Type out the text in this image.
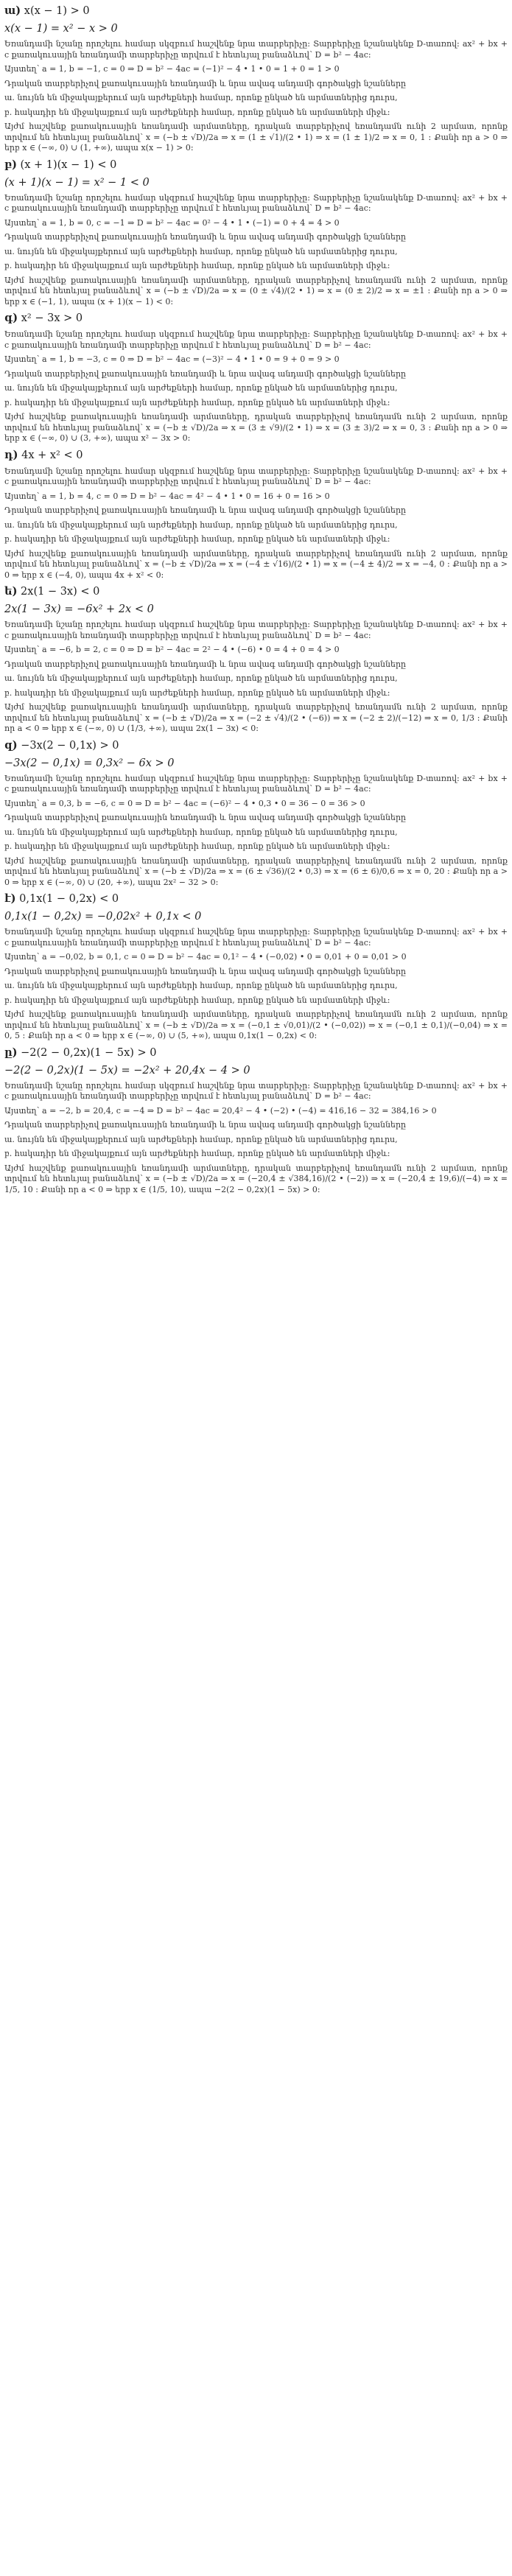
ա) x(x − 1) > 0
x(x − 1) = x² − x > 0
Եռանդամի նշանը որոշելու համար սկզբում հաշվենք նրա տարբերիչը։ Տարբերիչը նշանակենք D-տառով։ ax² + bx + c քառակուսային եռանդամի տարբերիչը տրվում է հետևյալ բանաձևով՝ D = b² − 4ac։
Այստեղ՝ a = 1, b = −1, c = 0 ⇒ D = b² − 4ac = (−1)² − 4 • 1 • 0 = 1 + 0 = 1 > 0
Դրական տարբերիչով քառակուսային եռանդամի և նրա ավագ անդամի գործակցի նշանները
ա. նույնն են միջակայքերում այն արժեքների համար, որոնք ընկած են արմատներից դուրս,
բ. հակադիր են միջակայքում այն արժեքների համար, որոնք ընկած են արմատների միջև։
Այժմ հաշվենք քառակուսային եռանդամի արմատները, դրական տարբերիչով եռանդամն ունի 2 արմատ, որոնք տրվում են հետևյալ բանաձևով՝ x = (−b ± √D)/2a ⇒ x = (1 ± √1)/(2 • 1) ⇒ x = (1 ± 1)/2 ⇒ x = 0, 1 ։ Քանի որ a > 0 ⇒ երբ x ∈ (−∞, 0) ∪ (1, +∞), ապա x(x − 1) > 0։
բ) (x + 1)(x − 1) < 0
(x + 1)(x − 1) = x² − 1 < 0
Եռանդամի նշանը որոշելու համար սկզբում հաշվենք նրա տարբերիչը։ Տարբերիչը նշանակենք D-տառով։ ax² + bx + c քառակուսային եռանդամի տարբերիչը տրվում է հետևյալ բանաձևով՝ D = b² − 4ac։
Այստեղ՝ a = 1, b = 0, c = −1 ⇒ D = b² − 4ac = 0² − 4 • 1 • (−1) = 0 + 4 = 4 > 0
Դրական տարբերիչով քառակուսային եռանդամի և նրա ավագ անդամի գործակցի նշանները
ա. նույնն են միջակայքերում այն արժեքների համար, որոնք ընկած են արմատներից դուրս,
բ. հակադիր են միջակայքում այն արժեքների համար, որոնք ընկած են արմատների միջև։
Այժմ հաշվենք քառակուսային եռանդամի արմատները, դրական տարբերիչով եռանդամն ունի 2 արմատ, որոնք տրվում են հետևյալ բանաձևով՝ x = (−b ± √D)/2a ⇒ x = (0 ± √4)/(2 • 1) ⇒ x = (0 ± 2)/2 ⇒ x = ±1 ։ Քանի որ a > 0 ⇒ երբ x ∈ (−1, 1), ապա (x + 1)(x − 1) < 0։
գ) x² − 3x > 0
Եռանդամի նշանը որոշելու համար սկզբում հաշվենք նրա տարբերիչը։ Տարբերիչը նշանակենք D-տառով։ ax² + bx + c քառակուսային եռանդամի տարբերիչը տրվում է հետևյալ բանաձևով՝ D = b² − 4ac։
Այստեղ՝ a = 1, b = −3, c = 0 ⇒ D = b² − 4ac = (−3)² − 4 • 1 • 0 = 9 + 0 = 9 > 0
Դրական տարբերիչով քառակուսային եռանդամի և նրա ավագ անդամի գործակցի նշանները
ա. նույնն են միջակայքերում այն արժեքների համար, որոնք ընկած են արմատներից դուրս,
բ. հակադիր են միջակայքում այն արժեքների համար, որոնք ընկած են արմատների միջև։
Այժմ հաշվենք քառակուսային եռանդամի արմատները, դրական տարբերիչով եռանդամն ունի 2 արմատ, որոնք տրվում են հետևյալ բանաձևով՝ x = (−b ± √D)/2a ⇒ x = (3 ± √9)/(2 • 1) ⇒ x = (3 ± 3)/2 ⇒ x = 0, 3 ։ Քանի որ a > 0 ⇒ երբ x ∈ (−∞, 0) ∪ (3, +∞), ապա x² − 3x > 0։
դ) 4x + x² < 0
Եռանդամի նշանը որոշելու համար սկզբում հաշվենք նրա տարբերիչը։ Տարբերիչը նշանակենք D-տառով։ ax² + bx + c քառակուսային եռանդամի տարբերիչը տրվում է հետևյալ բանաձևով՝ D = b² − 4ac։
Այստեղ՝ a = 1, b = 4, c = 0 ⇒ D = b² − 4ac = 4² − 4 • 1 • 0 = 16 + 0 = 16 > 0
Դրական տարբերիչով քառակուսային եռանդամի և նրա ավագ անդամի գործակցի նշանները
ա. նույնն են միջակայքերում այն արժեքների համար, որոնք ընկած են արմատներից դուրս,
բ. հակադիր են միջակայքում այն արժեքների համար, որոնք ընկած են արմատների միջև։
Այժմ հաշվենք քառակուսային եռանդամի արմատները, դրական տարբերիչով եռանդամն ունի 2 արմատ, որոնք տրվում են հետևյալ բանաձևով՝ x = (−b ± √D)/2a ⇒ x = (−4 ± √16)/(2 • 1) ⇒ x = (−4 ± 4)/2 ⇒ x = −4, 0 ։ Քանի որ a > 0 ⇒ երբ x ∈ (−4, 0), ապա 4x + x² < 0։
ե) 2x(1 − 3x) < 0
2x(1 − 3x) = −6x² + 2x < 0
Եռանդամի նշանը որոշելու համար սկզբում հաշվենք նրա տարբերիչը։ Տարբերիչը նշանակենք D-տառով։ ax² + bx + c քառակուսային եռանդամի տարբերիչը տրվում է հետևյալ բանաձևով՝ D = b² − 4ac։
Այստեղ՝ a = −6, b = 2, c = 0 ⇒ D = b² − 4ac = 2² − 4 • (−6) • 0 = 4 + 0 = 4 > 0
Դրական տարբերիչով քառակուսային եռանդամի և նրա ավագ անդամի գործակցի նշանները
ա. նույնն են միջակայքերում այն արժեքների համար, որոնք ընկած են արմատներից դուրս,
բ. հակադիր են միջակայքում այն արժեքների համար, որոնք ընկած են արմատների միջև։
Այժմ հաշվենք քառակուսային եռանդամի արմատները, դրական տարբերիչով եռանդամն ունի 2 արմատ, որոնք տրվում են հետևյալ բանաձևով՝ x = (−b ± √D)/2a ⇒ x = (−2 ± √4)/(2 • (−6)) ⇒ x = (−2 ± 2)/(−12) ⇒ x = 0, 1/3 ։ Քանի որ a < 0 ⇒ երբ x ∈ (−∞, 0) ∪ (1/3, +∞), ապա 2x(1 − 3x) < 0։
զ) −3x(2 − 0,1x) > 0
−3x(2 − 0,1x) = 0,3x² − 6x > 0
Եռանդամի նշանը որոշելու համար սկզբում հաշվենք նրա տարբերիչը։ Տարբերիչը նշանակենք D-տառով։ ax² + bx + c քառակուսային եռանդամի տարբերիչը տրվում է հետևյալ բանաձևով՝ D = b² − 4ac։
Այստեղ՝ a = 0,3, b = −6, c = 0 ⇒ D = b² − 4ac = (−6)² − 4 • 0,3 • 0 = 36 − 0 = 36 > 0
Դրական տարբերիչով քառակուսային եռանդամի և նրա ավագ անդամի գործակցի նշանները
ա. նույնն են միջակայքերում այն արժեքների համար, որոնք ընկած են արմատներից դուրս,
բ. հակադիր են միջակայքում այն արժեքների համար, որոնք ընկած են արմատների միջև։
Այժմ հաշվենք քառակուսային եռանդամի արմատները, դրական տարբերիչով եռանդամն ունի 2 արմատ, որոնք տրվում են հետևյալ բանաձևով՝ x = (−b ± √D)/2a ⇒ x = (6 ± √36)/(2 • 0,3) ⇒ x = (6 ± 6)/0,6 ⇒ x = 0, 20 ։ Քանի որ a > 0 ⇒ երբ x ∈ (−∞, 0) ∪ (20, +∞), ապա 2x² − 32 > 0։
է) 0,1x(1 − 0,2x) < 0
0,1x(1 − 0,2x) = −0,02x² + 0,1x < 0
Եռանդամի նշանը որոշելու համար սկզբում հաշվենք նրա տարբերիչը։ Տարբերիչը նշանակենք D-տառով։ ax² + bx + c քառակուսային եռանդամի տարբերիչը տրվում է հետևյալ բանաձևով՝ D = b² − 4ac։
Այստեղ՝ a = −0,02, b = 0,1, c = 0 ⇒ D = b² − 4ac = 0,1² − 4 • (−0,02) • 0 = 0,01 + 0 = 0,01 > 0
Դրական տարբերիչով քառակուսային եռանդամի և նրա ավագ անդամի գործակցի նշանները
ա. նույնն են միջակայքերում այն արժեքների համար, որոնք ընկած են արմատներից դուրս,
բ. հակադիր են միջակայքում այն արժեքների համար, որոնք ընկած են արմատների միջև։
Այժմ հաշվենք քառակուսային եռանդամի արմատները, դրական տարբերիչով եռանդամն ունի 2 արմատ, որոնք տրվում են հետևյալ բանաձևով՝ x = (−b ± √D)/2a ⇒ x = (−0,1 ± √0,01)/(2 • (−0,02)) ⇒ x = (−0,1 ± 0,1)/(−0,04) ⇒ x = 0, 5 ։ Քանի որ a < 0 ⇒ երբ x ∈ (−∞, 0) ∪ (5, +∞), ապա 0,1x(1 − 0,2x) < 0։
ը) −2(2 − 0,2x)(1 − 5x) > 0
−2(2 − 0,2x)(1 − 5x) = −2x² + 20,4x − 4 > 0
Եռանդամի նշանը որոշելու համար սկզբում հաշվենք նրա տարբերիչը։ Տարբերիչը նշանակենք D-տառով։ ax² + bx + c քառակուսային եռանդամի տարբերիչը տրվում է հետևյալ բանաձևով՝ D = b² − 4ac։
Այստեղ՝ a = −2, b = 20,4, c = −4 ⇒ D = b² − 4ac = 20,4² − 4 • (−2) • (−4) = 416,16 − 32 = 384,16 > 0
Դրական տարբերիչով քառակուսային եռանդամի և նրա ավագ անդամի գործակցի նշանները
ա. նույնն են միջակայքերում այն արժեքների համար, որոնք ընկած են արմատներից դուրս,
բ. հակադիր են միջակայքում այն արժեքների համար, որոնք ընկած են արմատների միջև։
Այժմ հաշվենք քառակուսային եռանդամի արմատները, դրական տարբերիչով եռանդամն ունի 2 արմատ, որոնք տրվում են հետևյալ բանաձևով՝ x = (−b ± √D)/2a ⇒ x = (−20,4 ± √384,16)/(2 • (−2)) ⇒ x = (−20,4 ± 19,6)/(−4) ⇒ x = 1/5, 10 ։ Քանի որ a < 0 ⇒ երբ x ∈ (1/5, 10), ապա −2(2 − 0,2x)(1 − 5x) > 0։
